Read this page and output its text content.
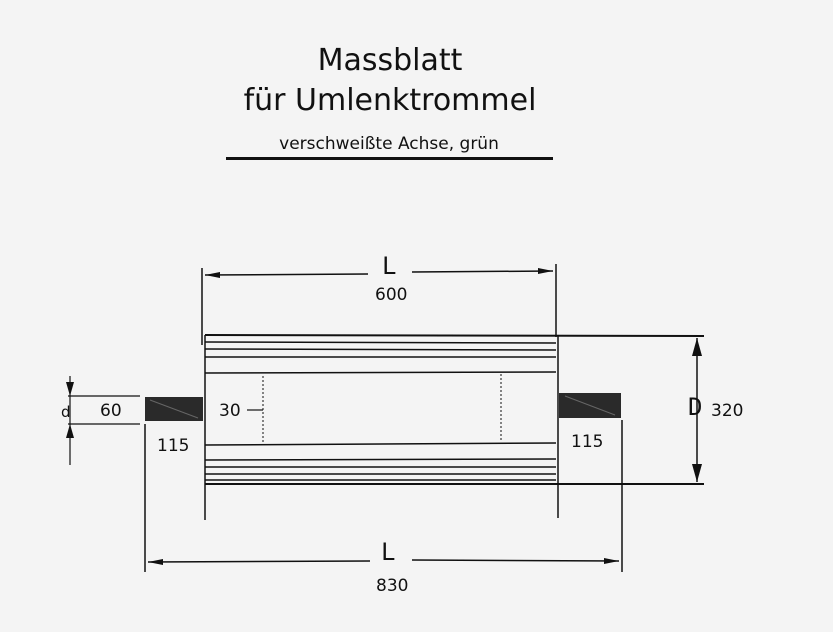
Massblatt
für Umlenktrommel
verschweißte Achse, grün
L
600
d 60	30
115	115
D 320
L
830
